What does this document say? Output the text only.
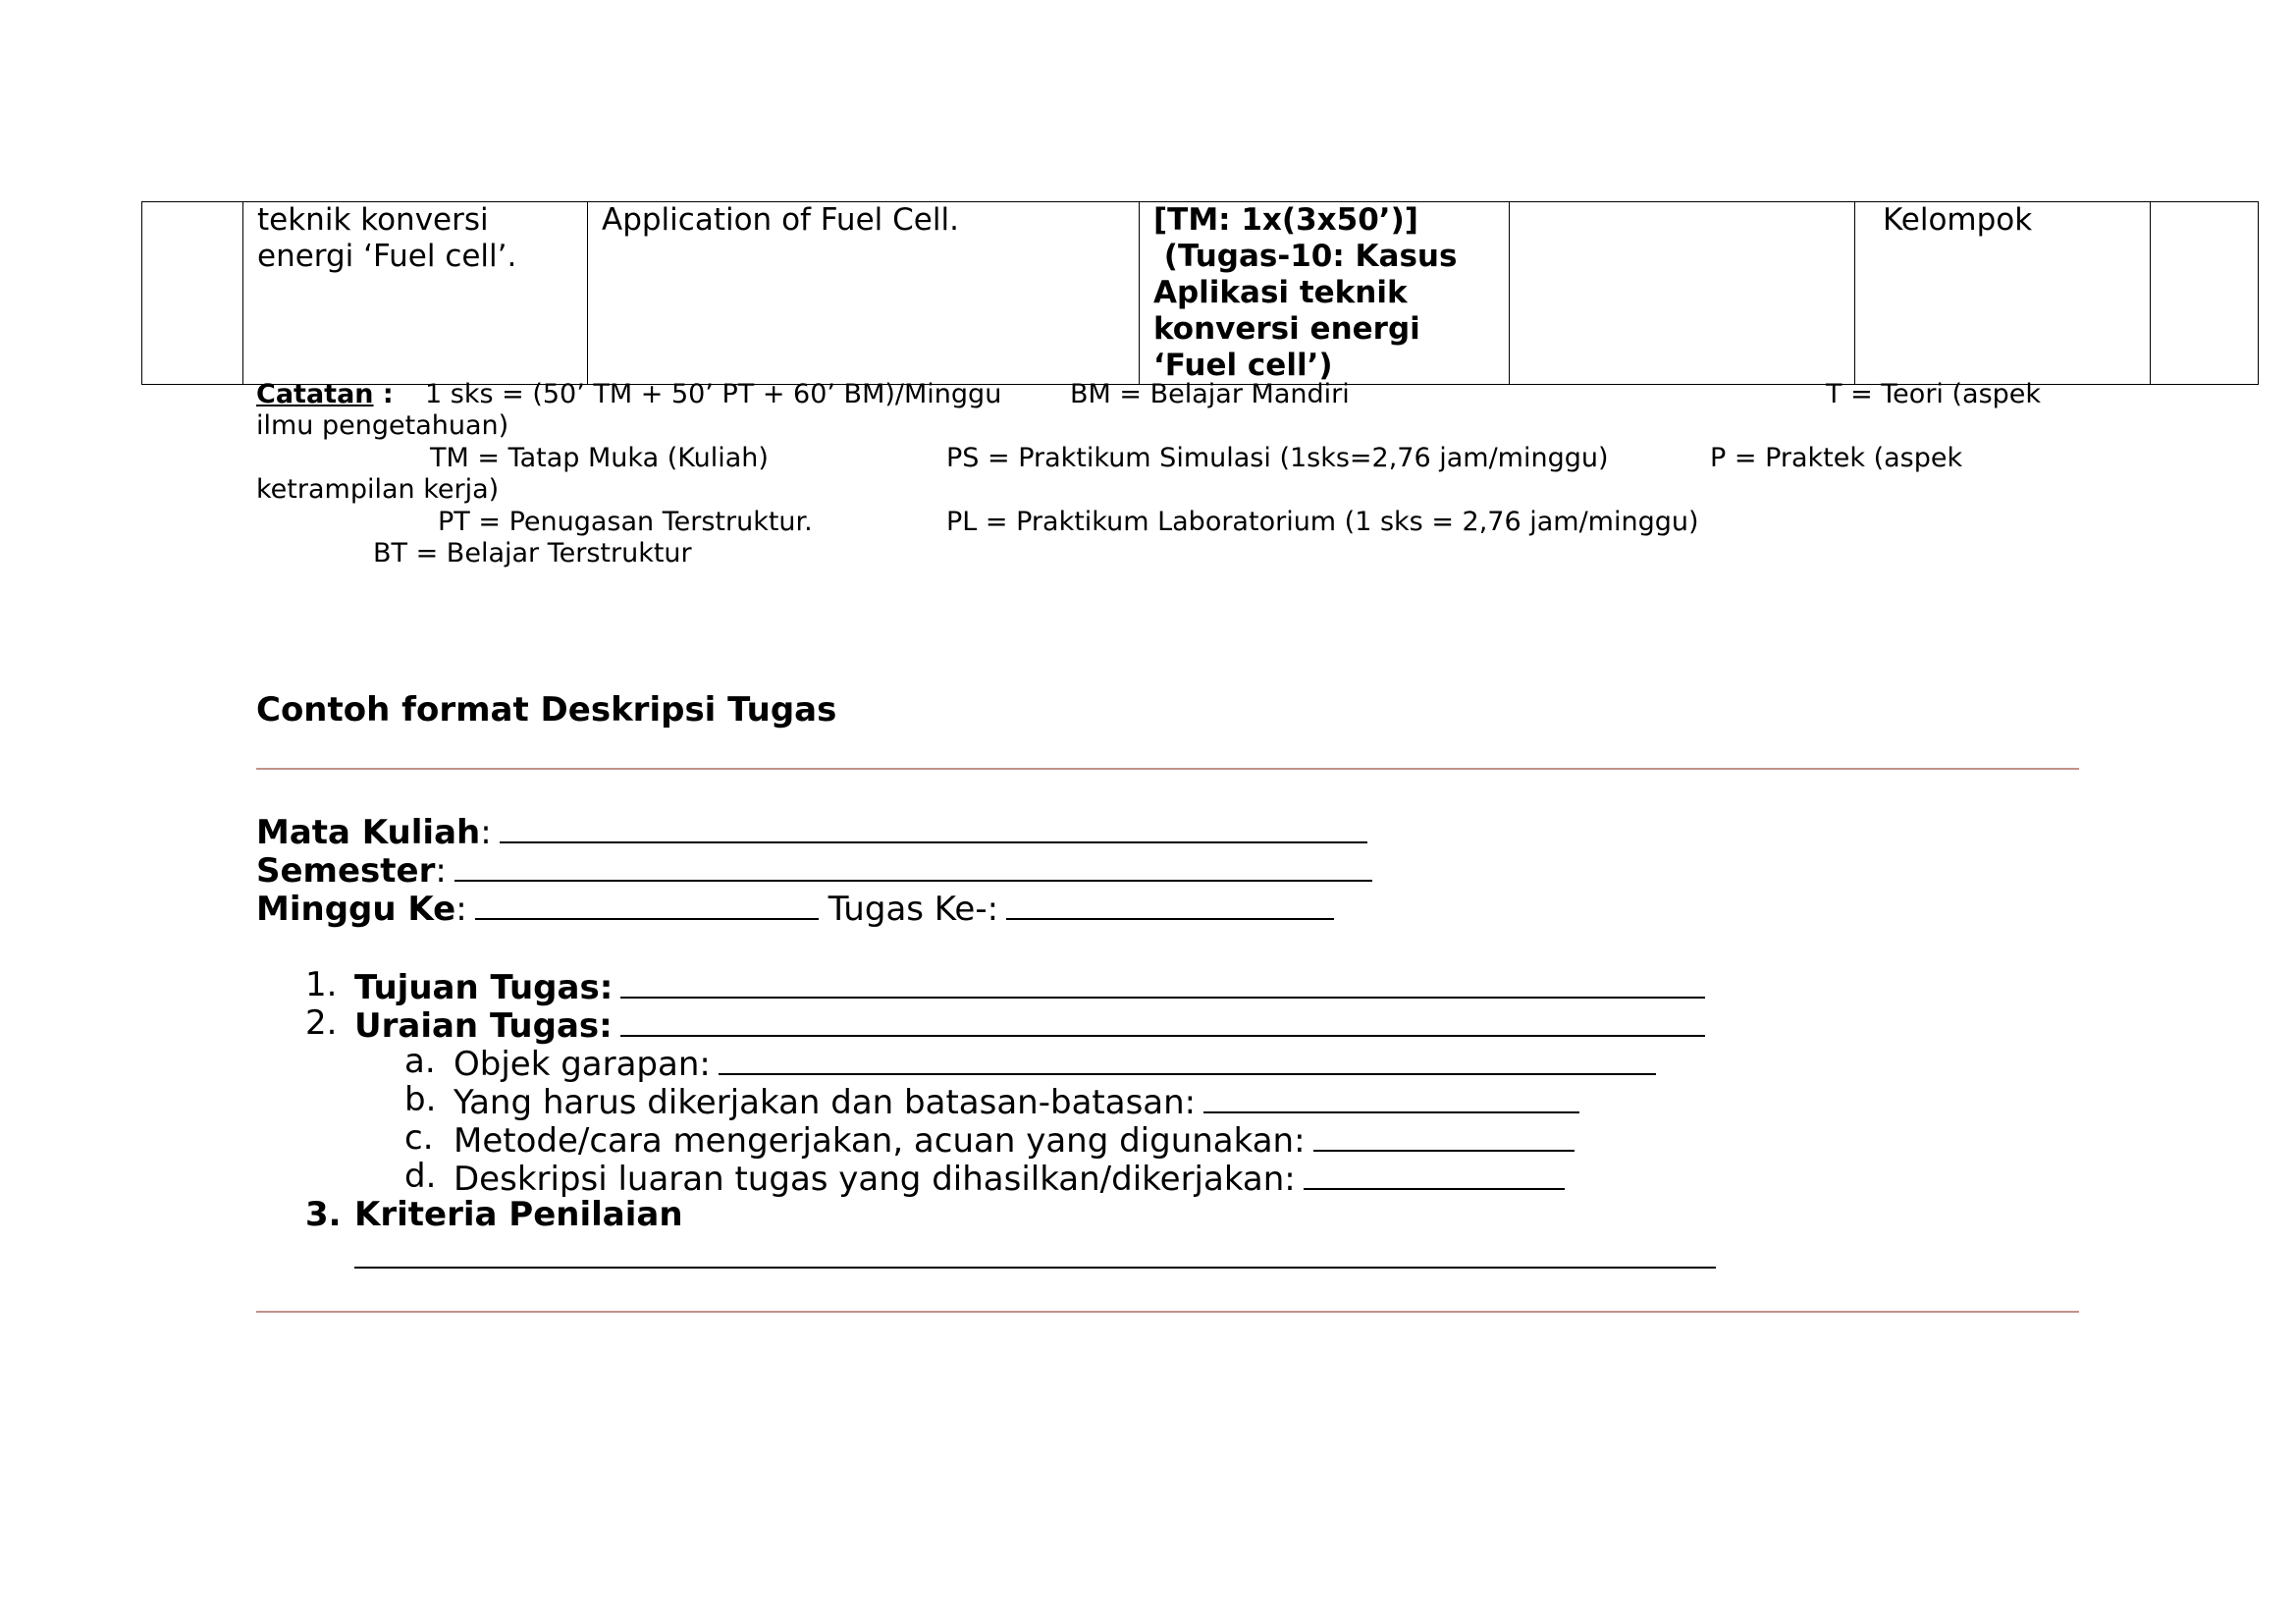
	teknik konversi energi ‘Fuel cell’.	Application of Fuel Cell.	[TM: 1x(3x50’)]
(Tugas-10: Kasus Aplikasi teknik konversi energi ‘Fuel cell’)		Kelompok	
Catatan : 1 sks = (50’ TM + 50’ PT + 60’ BM)/Minggu	BM = Belajar Mandiri	T = Teori (aspek
ilmu pengetahuan)
TM = Tatap Muka (Kuliah)	PS = Praktikum Simulasi (1sks=2,76 jam/minggu)	P = Praktek (aspek
ketrampilan kerja)
PT = Penugasan Terstruktur.	PL = Praktikum Laboratorium (1 sks = 2,76 jam/minggu)
BT = Belajar Terstruktur
Contoh format Deskripsi Tugas
Mata Kuliah:
Semester:
Minggu Ke:	Tugas Ke-:
1. Tujuan Tugas:
2. Uraian Tugas:
a. Objek garapan:
b. Yang harus dikerjakan dan batasan-batasan:
c. Metode/cara mengerjakan, acuan yang digunakan:
d. Deskripsi luaran tugas yang dihasilkan/dikerjakan:
3. Kriteria Penilaian
